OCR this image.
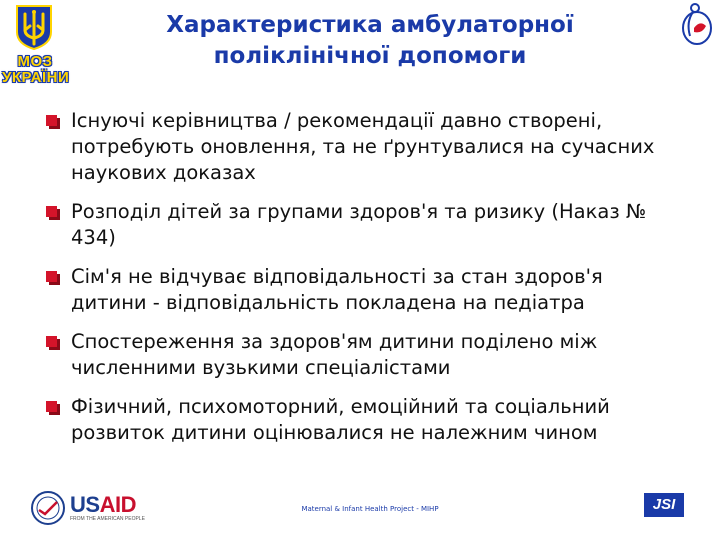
МОЗ
УКРАЇНИ
Характеристика амбулаторної
поліклінічної допомоги
Існуючі керівництва / рекомендації давно створені, потребують оновлення, та не ґрунтувалися на сучасних наукових доказах
Розподіл дітей за групами здоров'я та ризику (Наказ № 434)
Сім'я не відчуває відповідальності за стан здоров'я дитини - відповідальність покладена на педіатра
Спостереження за здоров'ям дитини поділено між численними вузькими спеціалістами
Фізичний, психомоторний, емоційний та соціальний розвиток дитини оцінювалися не належним чином
USAID
FROM THE AMERICAN PEOPLE
Maternal & Infant Health Project - MIHP	JSI
